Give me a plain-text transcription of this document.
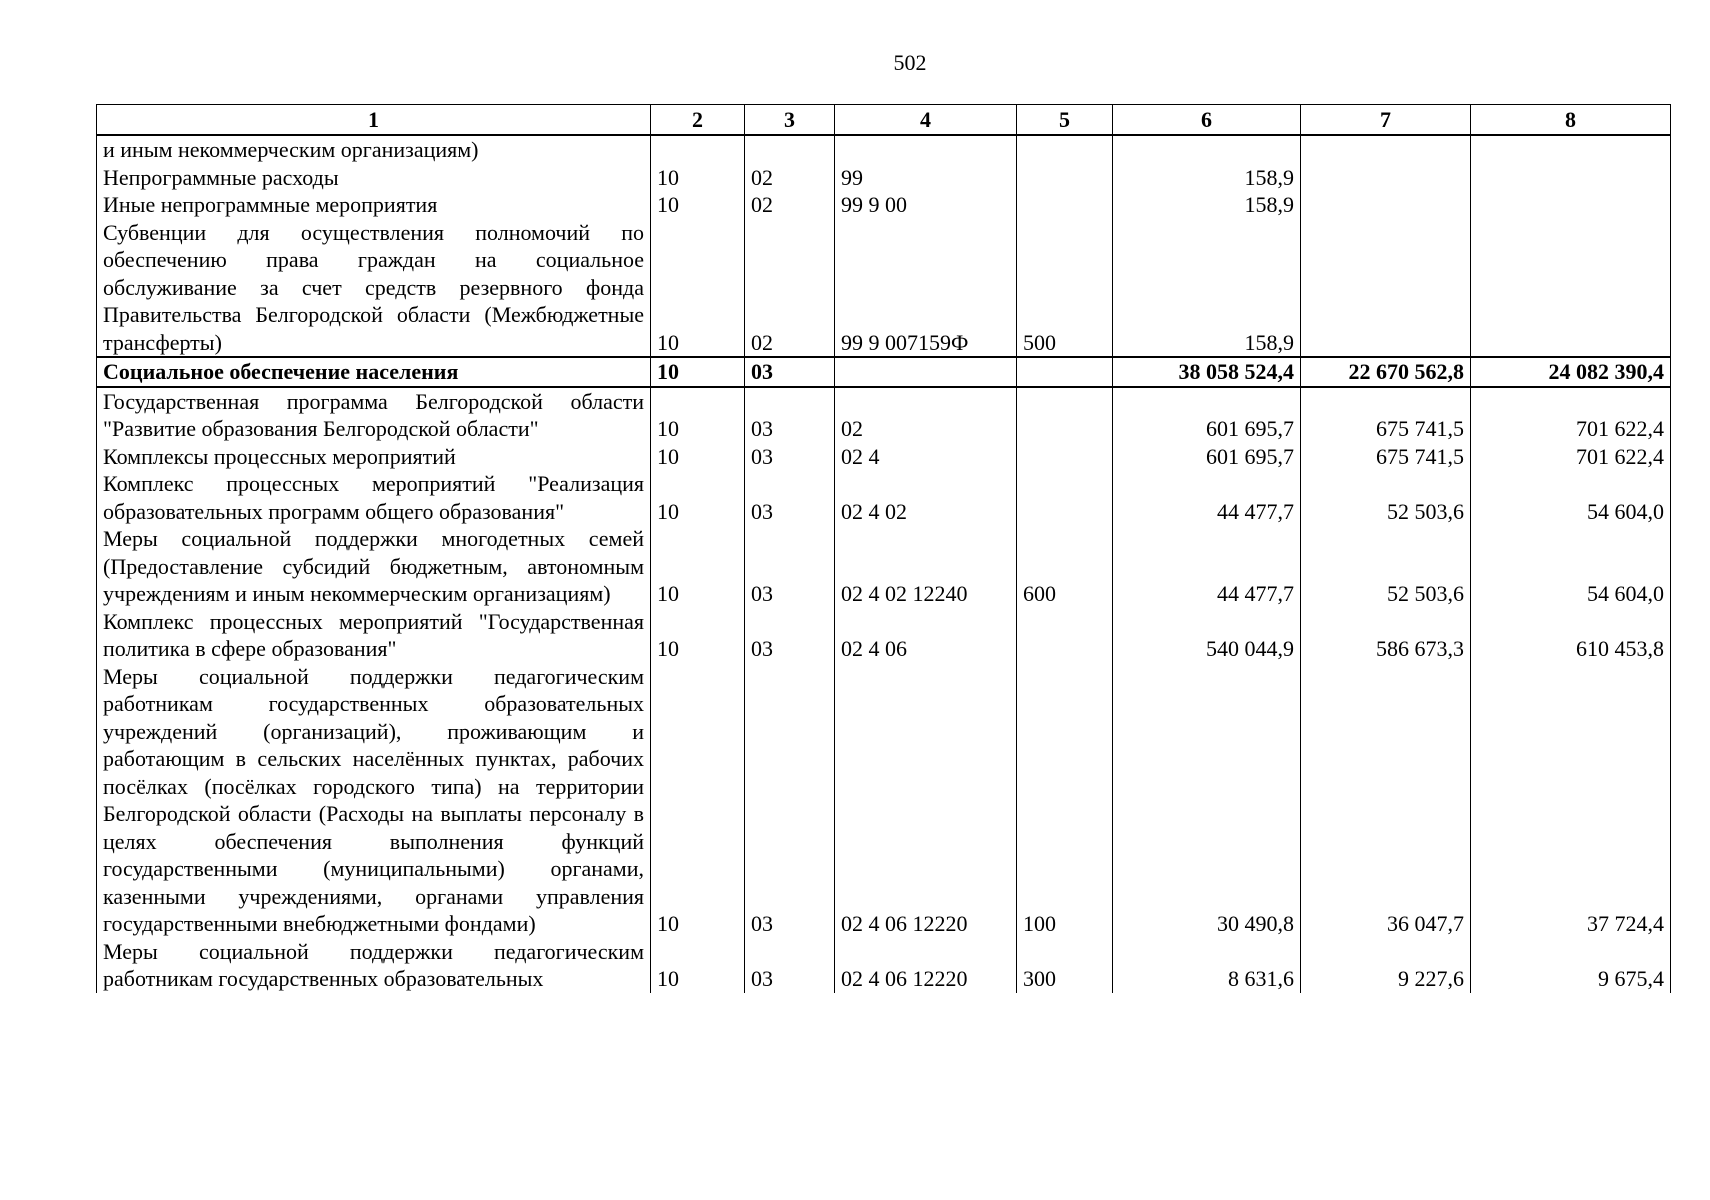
502
1	2	3	4	5	6	7	8
и иным некоммерческим организациям)							
Непрограммные расходы	10	02	99		158,9		
Иные непрограммные мероприятия	10	02	99 9 00		158,9		
Субвенции для осуществления полномочий по обеспечению права граждан на социальное обслуживание за счет средств резервного фонда Правительства Белгородской области (Межбюджетные трансферты)	10	02	99 9 007159Ф	500	158,9		
Социальное обеспечение населения	10	03			38 058 524,4	22 670 562,8	24 082 390,4
Государственная программа Белгородской области "Развитие образования Белгородской области"	10	03	02		601 695,7	675 741,5	701 622,4
Комплексы процессных мероприятий	10	03	02 4		601 695,7	675 741,5	701 622,4
Комплекс процессных мероприятий "Реализация образовательных программ общего образования"	10	03	02 4 02		44 477,7	52 503,6	54 604,0
Меры социальной поддержки многодетных семей (Предоставление субсидий бюджетным, автономным учреждениям и иным некоммерческим организациям)	10	03	02 4 02 12240	600	44 477,7	52 503,6	54 604,0
Комплекс процессных мероприятий "Государственная политика в сфере образования"	10	03	02 4 06		540 044,9	586 673,3	610 453,8
Меры социальной поддержки педагогическим работникам государственных образовательных учреждений (организаций), проживающим и работающим в сельских населённых пунктах, рабочих посёлках (посёлках городского типа) на территории Белгородской области (Расходы на выплаты персоналу в целях обеспечения выполнения функций государственными (муниципальными) органами, казенными учреждениями, органами управления государственными внебюджетными фондами)	10	03	02 4 06 12220	100	30 490,8	36 047,7	37 724,4
Меры социальной поддержки педагогическим работникам государственных образовательных	10	03	02 4 06 12220	300	8 631,6	9 227,6	9 675,4
